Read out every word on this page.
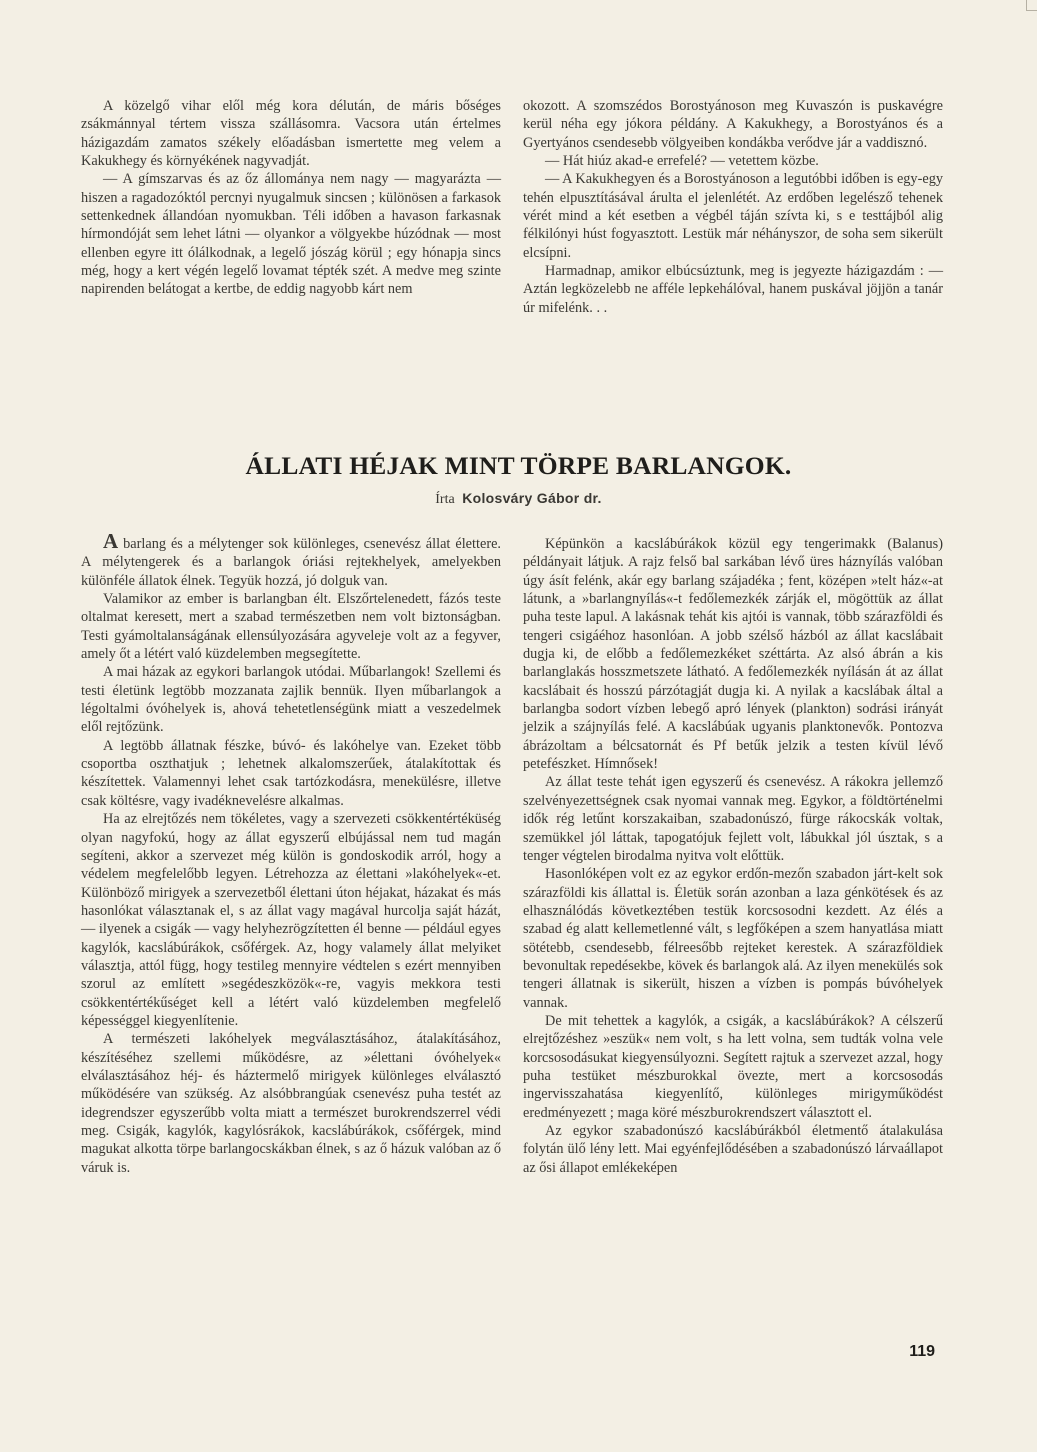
A közelgő vihar elől még kora délután, de máris bőséges zsákmánnyal tértem vissza szállásomra. Vacsora után értelmes házigazdám zamatos székely előadásban ismertette meg velem a Kakukhegy és környékének nagyvadját.

— A gímszarvas és az őz állománya nem nagy — magyarázta — hiszen a ragadozóktól percnyi nyugalmuk sincsen ; különösen a farkasok settenkednek állandóan nyomukban. Téli időben a havason farkasnak hírmondóját sem lehet látni — olyankor a völgyekbe húzódnak — most ellenben egyre itt ólálkodnak, a legelő jószág körül ; egy hónapja sincs még, hogy a kert végén legelő lovamat tépték szét. A medve meg szinte napirenden belátogat a kertbe, de eddig nagyobb kárt nem

okozott. A szomszédos Borostyánoson meg Kuvaszón is puskavégre kerül néha egy jókora példány. A Kakukhegy, a Borostyános és a Gyertyános csendesebb völgyeiben kondákba verődve jár a vaddisznó.

— Hát hiúz akad-e errefelé? — vetettem közbe.

— A Kakukhegyen és a Borostyánoson a legutóbbi időben is egy-egy tehén elpusztításával árulta el jelenlétét. Az erdőben legelésző tehenek vérét mind a két esetben a végbél táján szívta ki, s e testtájból alig félkilónyi húst fogyasztott. Lestük már néhányszor, de soha sem sikerült elcsípni.

Harmadnap, amikor elbúcsúztunk, meg is jegyezte házigazdám : — Aztán legközelebb ne afféle lepkehálóval, hanem puskával jöjjön a tanár úr mifelénk. . .

ÁLLATI HÉJAK MINT TÖRPE BARLANGOK.
Írta Kolosváry Gábor dr.

A barlang és a mélytenger sok különleges, csenevész állat élettere. A mélytengerek és a barlangok óriási rejtekhelyek, amelyekben különféle állatok élnek. Tegyük hozzá, jó dolguk van.

Valamikor az ember is barlangban élt. Elszőrtelenedett, fázós teste oltalmat keresett, mert a szabad természetben nem volt biztonságban. Testi gyámoltalanságának ellensúlyozására agyveleje volt az a fegyver, amely őt a létért való küzdelemben megsegítette.

A mai házak az egykori barlangok utódai. Műbarlangok! Szellemi és testi életünk legtöbb mozzanata zajlik bennük. Ilyen műbarlangok a légoltalmi óvóhelyek is, ahová tehetetlenségünk miatt a veszedelmek elől rejtőzünk.

A legtöbb állatnak fészke, búvó- és lakóhelye van. Ezeket több csoportba oszthatjuk ; lehetnek alkalomszerűek, átalakítottak és készítettek. Valamennyi lehet csak tartózkodásra, menekülésre, illetve csak költésre, vagy ivadéknevelésre alkalmas.

Ha az elrejtőzés nem tökéletes, vagy a szervezeti csökkentértéküség olyan nagyfokú, hogy az állat egyszerű elbújással nem tud magán segíteni, akkor a szervezet még külön is gondoskodik arról, hogy a védelem megfelelőbb legyen. Létrehozza az élettani »lakóhelyek«-et. Különböző mirigyek a szervezetből élettani úton héjakat, házakat és más hasonlókat választanak el, s az állat vagy magával hurcolja saját házát, — ilyenek a csigák — vagy helyhezrögzítetten él benne — például egyes kagylók, kacslábúrákok, csőférgek. Az, hogy valamely állat melyiket választja, attól függ, hogy testileg mennyire védtelen s ezért mennyiben szorul az említett »segédeszközök«-re, vagyis mekkora testi csökkentértékűséget kell a létért való küzdelemben megfelelő képességgel kiegyenlítenie.

A természeti lakóhelyek megválasztásához, átalakításához, készítéséhez szellemi működésre, az »élettani óvóhelyek« elválasztásához héj- és háztermelő mirigyek különleges elválasztó működésére van szükség. Az alsóbbrangúak csenevész puha testét az idegrendszer egyszerűbb volta miatt a természet burokrendszerrel védi meg. Csigák, kagylók, kagylósrákok, kacslábúrákok, csőférgek, mind magukat alkotta törpe barlangocskákban élnek, s az ő házuk valóban az ő váruk is.

Képünkön a kacslábúrákok közül egy tengerimakk (Balanus) példányait látjuk. A rajz felső bal sarkában lévő üres háznyílás valóban úgy ásít felénk, akár egy barlang szájadéka ; fent, középen »telt ház«-at látunk, a »barlangnyílás«-t fedőlemezkék zárják el, mögöttük az állat puha teste lapul. A lakásnak tehát kis ajtói is vannak, több szárazföldi és tengeri csigáéhoz hasonlóan. A jobb szélső házból az állat kacslábait dugja ki, de előbb a fedőlemezkéket széttárta. Az alsó ábrán a kis barlanglakás hosszmetszete látható. A fedőlemezkék nyílásán át az állat kacslábait és hosszú párzótagját dugja ki. A nyilak a kacslábak által a barlangba sodort vízben lebegő apró lények (plankton) sodrási irányát jelzik a szájnyílás felé. A kacslábúak ugyanis planktonevők. Pontozva ábrázoltam a bélcsatornát és Pf betűk jelzik a testen kívül lévő petefészket. Hímnősek!

Az állat teste tehát igen egyszerű és csenevész. A rákokra jellemző szelvényezettségnek csak nyomai vannak meg. Egykor, a földtörténelmi idők rég letűnt korszakaiban, szabadonúszó, fürge rákocskák voltak, szemükkel jól láttak, tapogatójuk fejlett volt, lábukkal jól úsztak, s a tenger végtelen birodalma nyitva volt előttük.

Hasonlóképen volt ez az egykor erdőn-mezőn szabadon járt-kelt sok szárazföldi kis állattal is. Életük során azonban a laza génkötések és az elhasználódás következtében testük korcsosodni kezdett. Az élés a szabad ég alatt kellemetlenné vált, s legfőképen a szem hanyatlása miatt sötétebb, csendesebb, félreesőbb rejteket kerestek. A szárazföldiek bevonultak repedésekbe, kövek és barlangok alá. Az ilyen menekülés sok tengeri állatnak is sikerült, hiszen a vízben is pompás búvóhelyek vannak.

De mit tehettek a kagylók, a csigák, a kacslábúrákok? A célszerű elrejtőzéshez »eszük« nem volt, s ha lett volna, sem tudták volna vele korcsosodásukat kiegyensúlyozni. Segített rajtuk a szervezet azzal, hogy puha testüket mészburokkal övezte, mert a korcsosodás ingervisszahatása kiegyenlítő, különleges mirigyműködést eredményezett ; maga köré mészburokrendszert választott el.

Az egykor szabadonúszó kacslábúrákból életmentő átalakulása folytán ülő lény lett. Mai egyénfejlődésében a szabadonúszó lárvaállapot az ősi állapot emlékeképen

119
